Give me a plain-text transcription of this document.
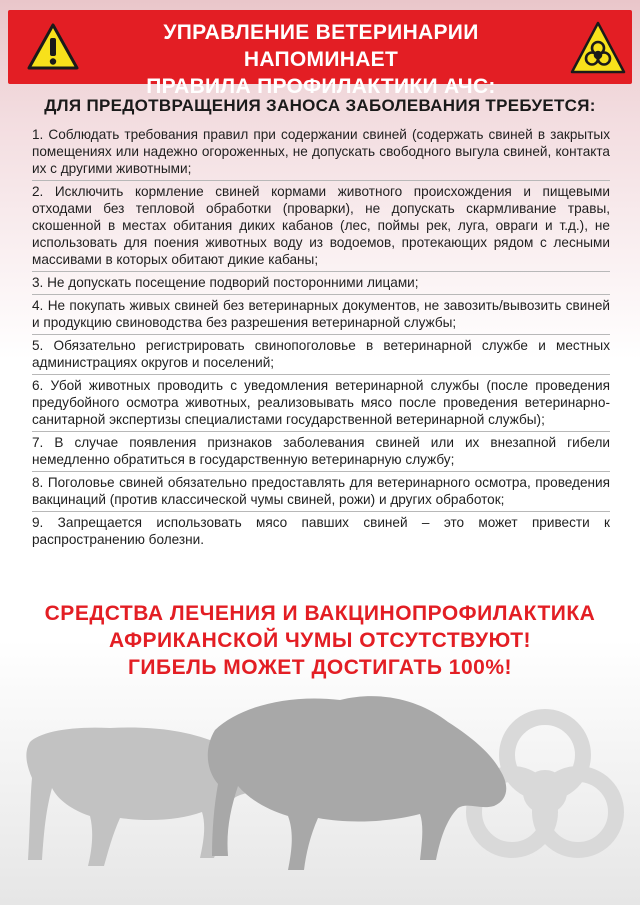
УПРАВЛЕНИЕ ВЕТЕРИНАРИИ НАПОМИНАЕТ
ПРАВИЛА ПРОФИЛАКТИКИ АЧС:
ДЛЯ ПРЕДОТВРАЩЕНИЯ ЗАНОСА ЗАБОЛЕВАНИЯ ТРЕБУЕТСЯ:
1. Соблюдать требования правил при содержании свиней (содержать свиней в закрытых помещениях или надежно огороженных, не допускать свободного выгула свиней, контакта их с другими животными;
2. Исключить кормление свиней кормами животного происхождения и пищевыми отходами без тепловой обработки (проварки), не допускать скармливание травы, скошенной в местах обитания диких кабанов (лес, поймы рек, луга, овраги и т.д.), не использовать для поения животных воду из водоемов, протекающих рядом с лесными массивами в которых обитают дикие кабаны;
3. Не допускать посещение подворий посторонними лицами;
4. Не покупать живых свиней без ветеринарных документов, не завозить/вывозить свиней и продукцию свиноводства без разрешения ветеринарной службы;
5. Обязательно регистрировать свинопоголовье в ветеринарной службе и местных администрациях округов и поселений;
6. Убой животных проводить с уведомления ветеринарной службы (после проведения предубойного осмотра животных, реализовывать мясо после проведения ветеринарно-санитарной экспертизы специалистами государственной ветеринарной службы);
7. В случае появления признаков заболевания свиней или их внезапной гибели немедленно обратиться в государственную ветеринарную службу;
8. Поголовье свиней обязательно предоставлять для ветеринарного осмотра, проведения вакцинаций (против классической чумы свиней, рожи) и других обработок;
9. Запрещается использовать мясо павших свиней – это может привести к распространению болезни.
СРЕДСТВА ЛЕЧЕНИЯ И ВАКЦИНОПРОФИЛАКТИКА
АФРИКАНСКОЙ ЧУМЫ ОТСУТСТВУЮТ!
ГИБЕЛЬ МОЖЕТ ДОСТИГАТЬ 100%!
